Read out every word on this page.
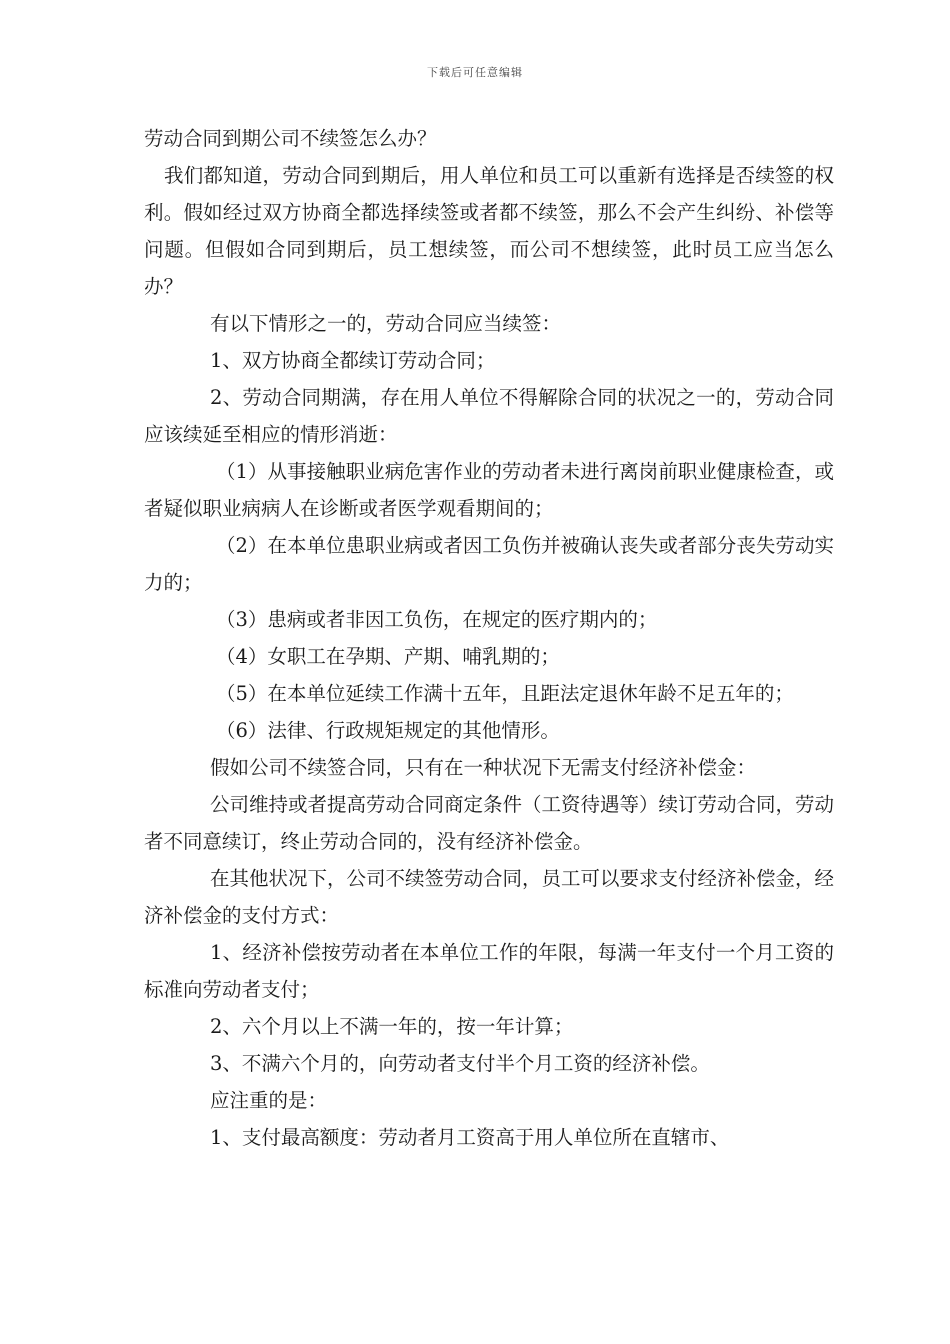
下载后可任意编辑

劳动合同到期公司不续签怎么办？

我们都知道，劳动合同到期后，用人单位和员工可以重新有选择是否续签的权利。假如经过双方协商全都选择续签或者都不续签，那么不会产生纠纷、补偿等问题。但假如合同到期后，员工想续签，而公司不想续签，此时员工应当怎么办？

有以下情形之一的，劳动合同应当续签：

1、双方协商全都续订劳动合同；

2、劳动合同期满，存在用人单位不得解除合同的状况之一的，劳动合同应该续延至相应的情形消逝：

（1）从事接触职业病危害作业的劳动者未进行离岗前职业健康检查，或者疑似职业病病人在诊断或者医学观看期间的；

（2）在本单位患职业病或者因工负伤并被确认丧失或者部分丧失劳动实力的；

（3）患病或者非因工负伤，在规定的医疗期内的；

（4）女职工在孕期、产期、哺乳期的；

（5）在本单位延续工作满十五年，且距法定退休年龄不足五年的；

（6）法律、行政规矩规定的其他情形。

假如公司不续签合同，只有在一种状况下无需支付经济补偿金：

公司维持或者提高劳动合同商定条件（工资待遇等）续订劳动合同，劳动者不同意续订，终止劳动合同的，没有经济补偿金。

在其他状况下，公司不续签劳动合同，员工可以要求支付经济补偿金，经济补偿金的支付方式：

1、经济补偿按劳动者在本单位工作的年限，每满一年支付一个月工资的标准向劳动者支付；

2、六个月以上不满一年的，按一年计算；

3、不满六个月的，向劳动者支付半个月工资的经济补偿。

应注重的是：

1、支付最高额度：劳动者月工资高于用人单位所在直辖市、
